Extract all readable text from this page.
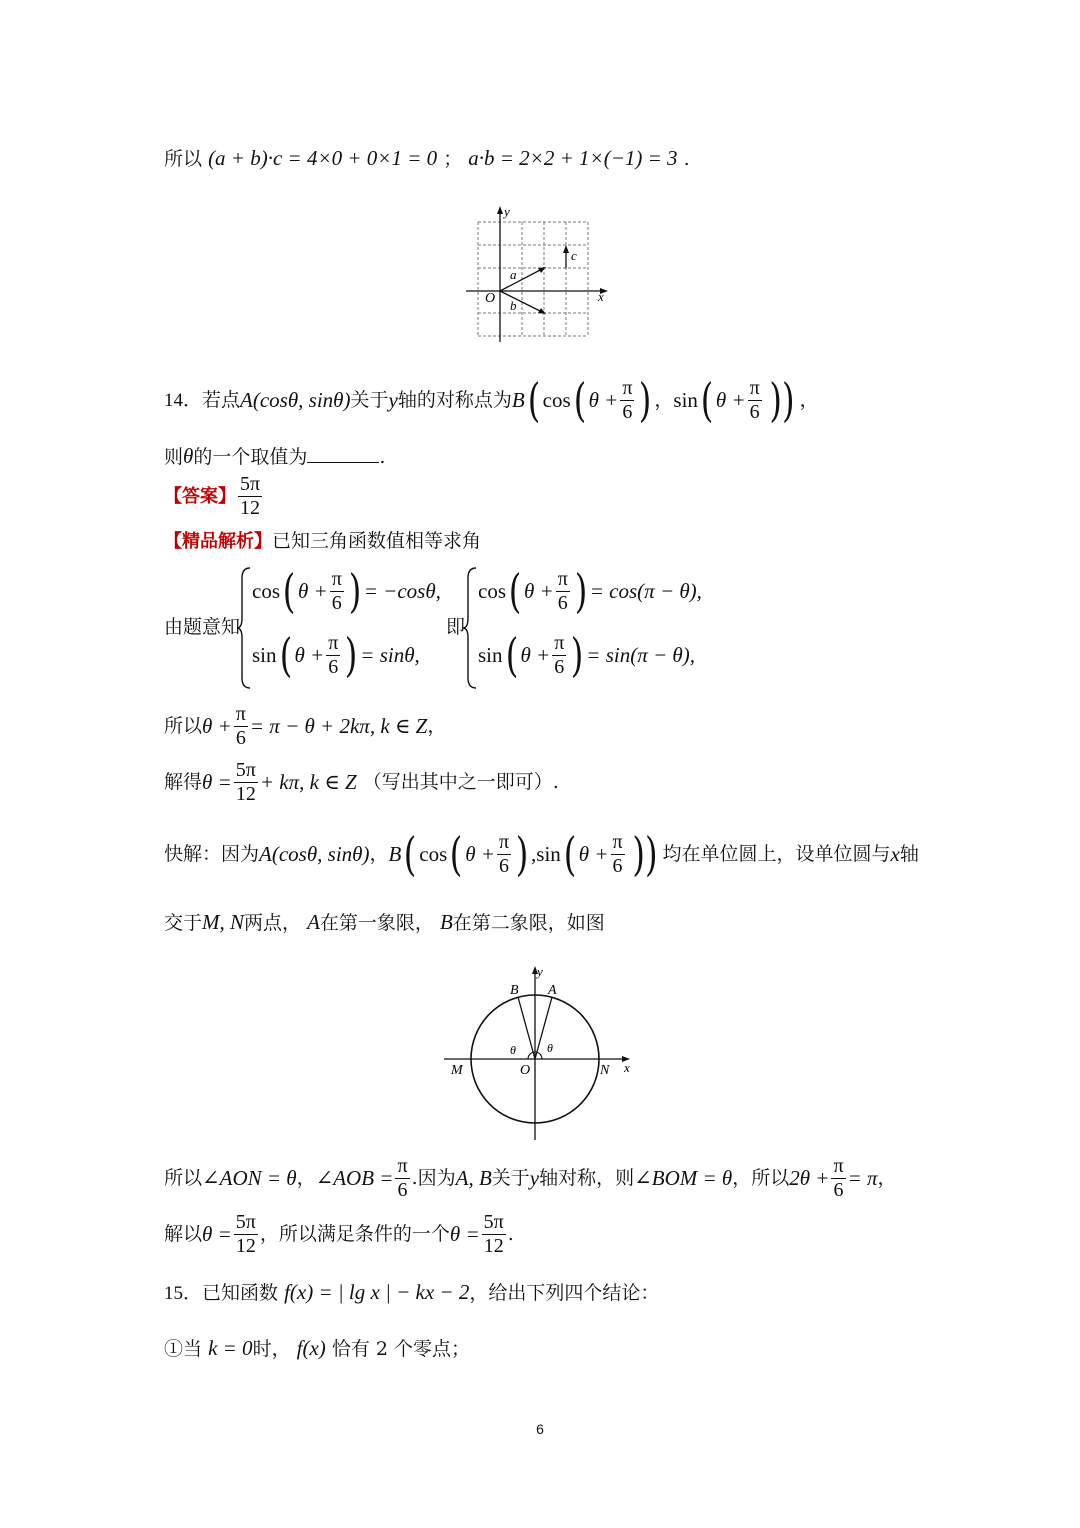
所以 (a + b)·c = 4×0 + 0×1 = 0 ； a·b = 2×2 + 1×(−1) = 3 .
y
x
O
a
b
c
14． 若点 A(cosθ, sinθ) 关于 y 轴的对称点为 B ( cos ( $\theta + \frac{\pi}{6}$ ) ， sin ( $\theta + \frac{\pi}{6}$ )) ，
则θ的一个取值为	.
【答案】 $\frac{5\pi}{12}$
【精品解析】已知三角函数值相等求角
由题意知
cos ( $\theta + \frac{\pi}{6}$ ) = −cosθ,
sin ( $\theta + \frac{\pi}{6}$ ) = sinθ,
即
cos ( $\theta + \frac{\pi}{6}$ ) = cos(π − θ),
sin ( $\theta + \frac{\pi}{6}$ ) = sin(π − θ),
所以 $\theta + \frac{\pi}{6} = \pi - \theta + 2k\pi$, k ∈ Z ，
解得 $\theta = \frac{5\pi}{12} + k\pi$, k ∈ Z （写出其中之一即可）.
快解：因为 A(cosθ, sinθ) ， B ( cos ( $\theta + \frac{\pi}{6}$ ) ,sin ( $\theta + \frac{\pi}{6}$ )) 均在单位圆上，设单位圆与 x 轴
交于M, N两点， A在第一象限， B在第二象限，如图
y
x
B A
O
M	N
θ	θ
所以 ∠AON = θ ， ∠AOB = $\frac{\pi}{6}$ .因为 A, B 关于 y 轴对称，则 ∠BOM = θ ，所以 $2\theta + \frac{\pi}{6} = \pi$ ，
解以 $\theta = \frac{5\pi}{12}$ ，所以满足条件的一个 $\theta = \frac{5\pi}{12}$ .
15．已知函数 f(x) = | lg x | − kx − 2，给出下列四个结论：
①当 k = 0时， f(x) 恰有 2 个零点；
6
